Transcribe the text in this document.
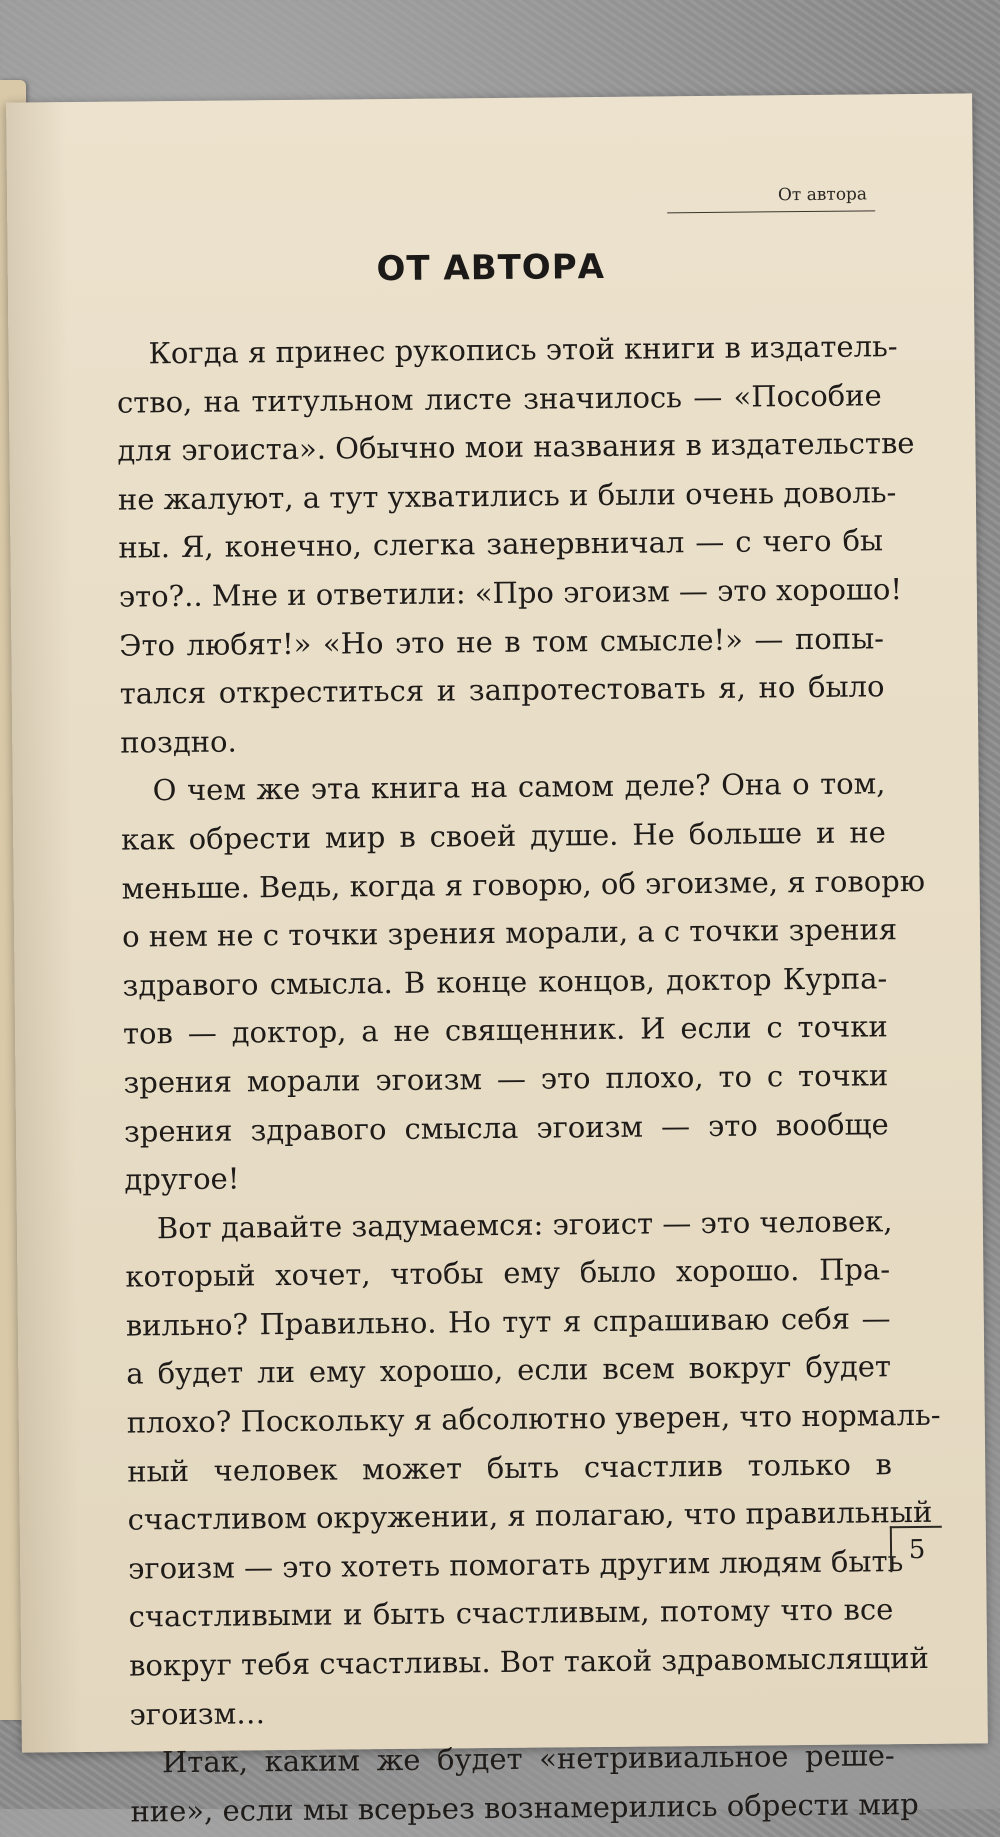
От автора
ОТ АВТОРА
Когда я принес рукопись этой книги в издатель-
ство, на титульном листе значилось — «Пособие
для эгоиста». Обычно мои названия в издательстве
не жалуют, а тут ухватились и были очень доволь-
ны. Я, конечно, слегка занервничал — с чего бы
это?.. Мне и ответили: «Про эгоизм — это хорошо!
Это любят!» «Но это не в том смысле!» — попы-
тался откреститься и запротестовать я, но было
поздно.
О чем же эта книга на самом деле? Она о том,
как обрести мир в своей душе. Не больше и не
меньше. Ведь, когда я говорю, об эгоизме, я говорю
о нем не с точки зрения морали, а с точки зрения
здравого смысла. В конце концов, доктор Курпа-
тов — доктор, а не священник. И если с точки
зрения морали эгоизм — это плохо, то с точки
зрения здравого смысла эгоизм — это вообще
другое!
Вот давайте задумаемся: эгоист — это человек,
который хочет, чтобы ему было хорошо. Пра-
вильно? Правильно. Но тут я спрашиваю себя —
а будет ли ему хорошо, если всем вокруг будет
плохо? Поскольку я абсолютно уверен, что нормаль-
ный человек может быть счастлив только в
счастливом окружении, я полагаю, что правильный
эгоизм — это хотеть помогать другим людям быть
счастливыми и быть счастливым, потому что все
вокруг тебя счастливы. Вот такой здравомыслящий
эгоизм…
Итак, каким же будет «нетривиальное реше-
ние», если мы всерьез вознамерились обрести мир
5
